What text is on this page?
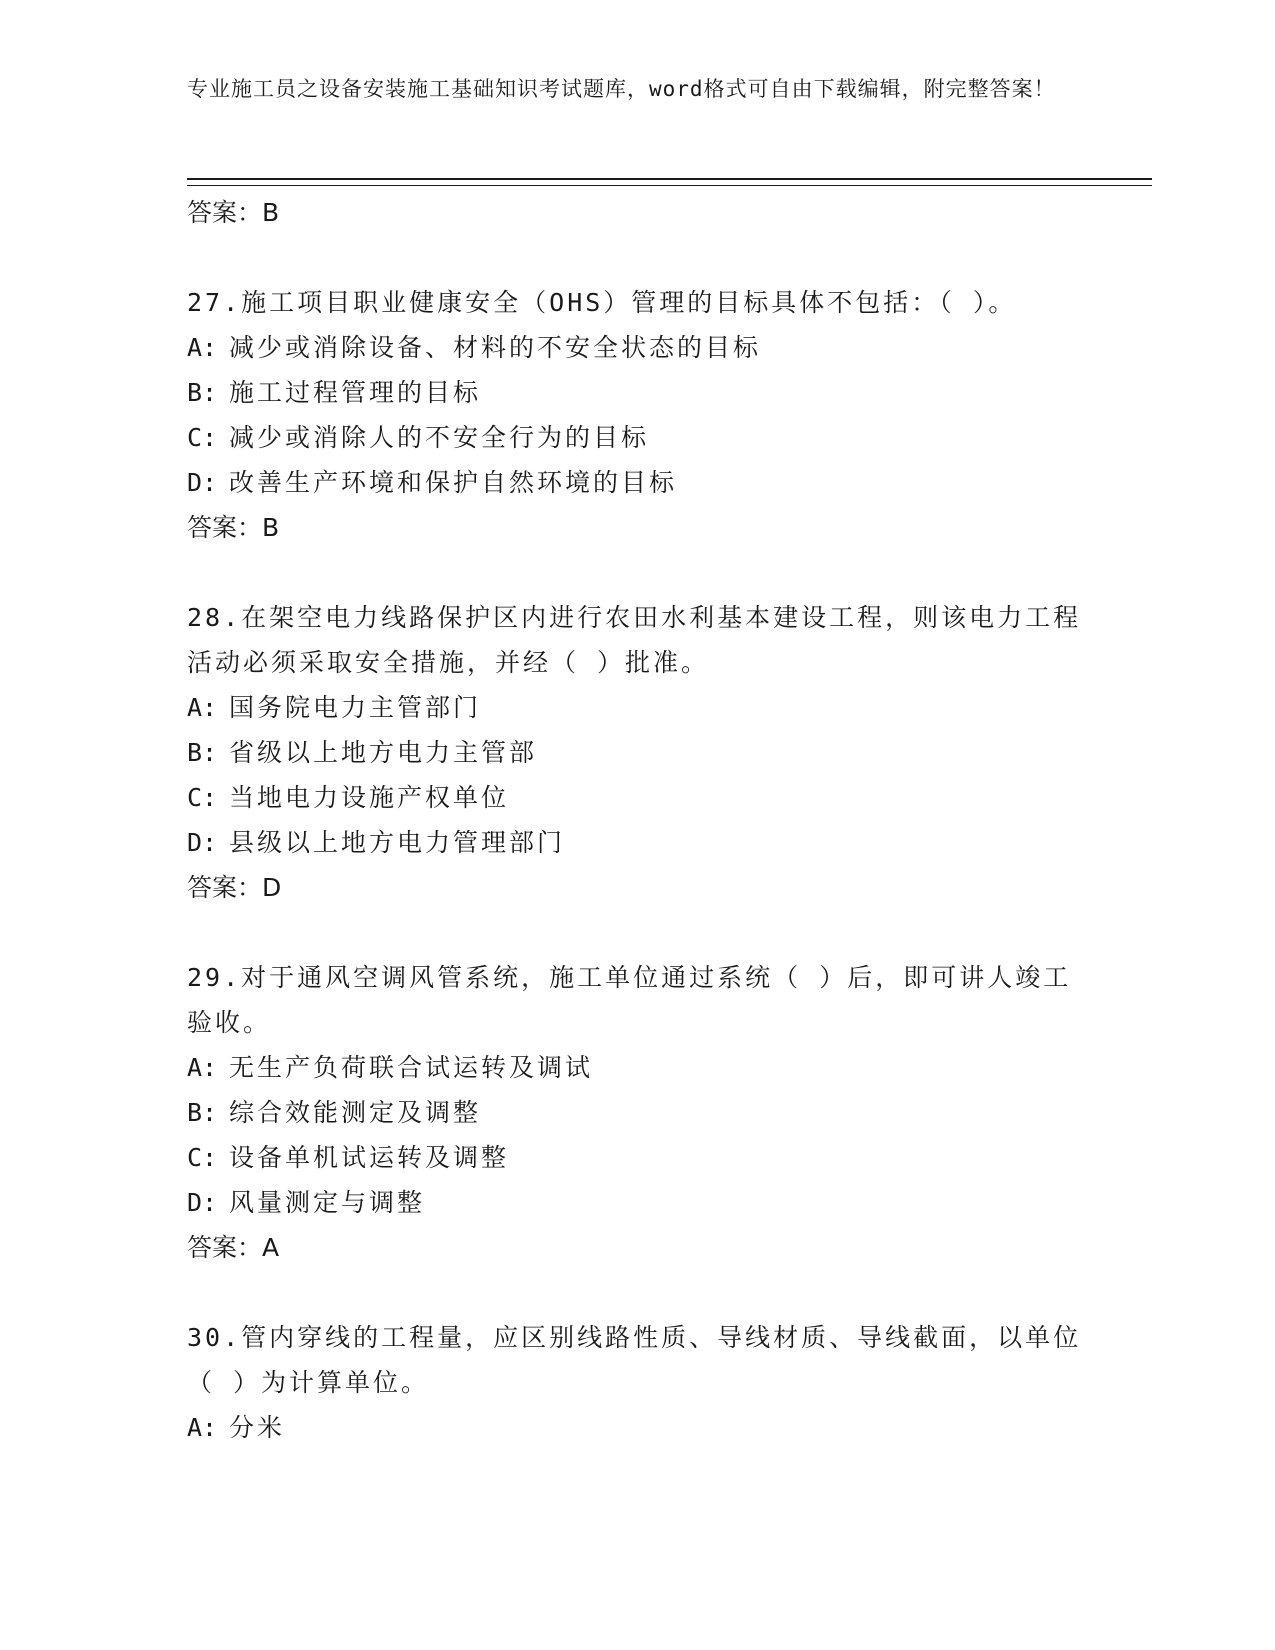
专业施工员之设备安装施工基础知识考试题库，word格式可自由下载编辑，附完整答案！

答案：B

27.施工项目职业健康安全（OHS）管理的目标具体不包括：（ ）。

A: 减少或消除设备、材料的不安全状态的目标

B: 施工过程管理的目标

C: 减少或消除人的不安全行为的目标

D: 改善生产环境和保护自然环境的目标

答案：B

28.在架空电力线路保护区内进行农田水利基本建设工程，则该电力工程活动必须采取安全措施，并经（ ）批准。

A: 国务院电力主管部门

B: 省级以上地方电力主管部

C: 当地电力设施产权单位

D: 县级以上地方电力管理部门

答案：D

29.对于通风空调风管系统，施工单位通过系统（ ）后，即可讲人竣工验收。

A: 无生产负荷联合试运转及调试

B: 综合效能测定及调整

C: 设备单机试运转及调整

D: 风量测定与调整

答案：A

30.管内穿线的工程量，应区别线路性质、导线材质、导线截面，以单位（ ）为计算单位。

A: 分米
